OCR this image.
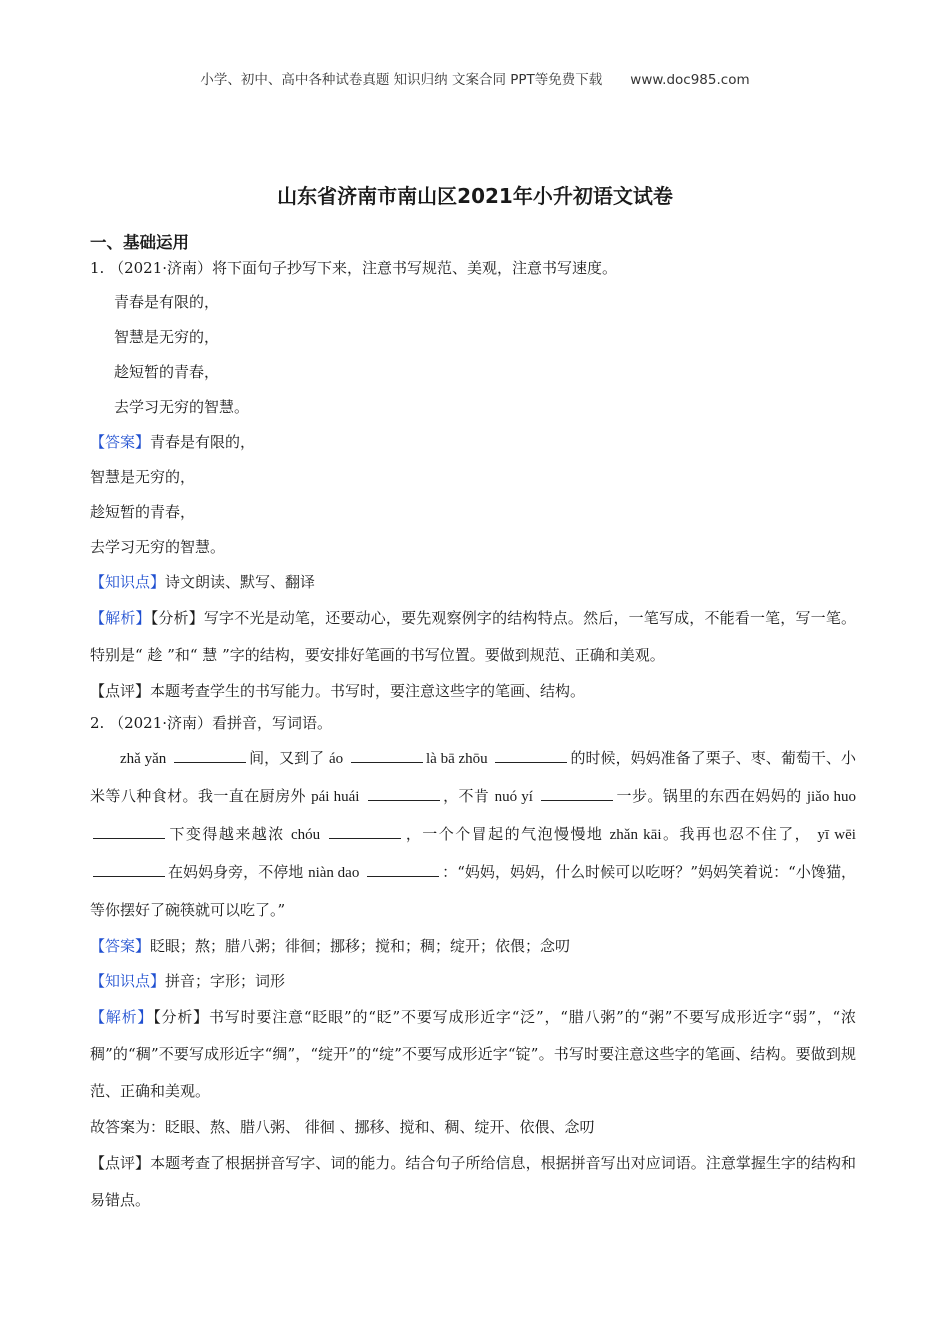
小学、初中、高中各种试卷真题 知识归纳 文案合同 PPT等免费下载 www.doc985.com
山东省济南市南山区2021年小升初语文试卷
一、基础运用
1. （2021·济南）将下面句子抄写下来，注意书写规范、美观，注意书写速度。
青春是有限的，
智慧是无穷的，
趁短暂的青春，
去学习无穷的智慧。
【答案】青春是有限的，
智慧是无穷的，
趁短暂的青春，
去学习无穷的智慧。
【知识点】诗文朗读、默写、翻译
【解析】【分析】写字不光是动笔，还要动心，要先观察例字的结构特点。然后，一笔写成，不能看一笔，写一笔。特别是“ 趁 ”和“ 慧 ”字的结构，要安排好笔画的书写位置。要做到规范、正确和美观。
【点评】本题考查学生的书写能力。书写时，要注意这些字的笔画、结构。
2. （2021·济南）看拼音，写词语。
zhǎ yǎn	间，又到了 áo	là bā zhōu	的时候，妈妈准备了栗子、枣、葡萄干、小米等八种食材。我一直在厨房外 pái huái	，不肯 nuó yí	一步。锅里的东西在妈妈的 jiǎo huo 下变得越来越浓 chóu	，一个个冒起的气泡慢慢地 zhǎn kāi。我再也忍不住了， yī wēi 在妈妈身旁，不停地 niàn dao	：“妈妈，妈妈，什么时候可以吃呀？”妈妈笑着说：“小馋猫，等你摆好了碗筷就可以吃了。”
【答案】眨眼；熬；腊八粥；徘徊；挪移；搅和；稠；绽开；依偎；念叨
【知识点】拼音；字形；词形
【解析】【分析】书写时要注意“眨眼”的“眨”不要写成形近字“泛”，“腊八粥”的“粥”不要写成形近字“弱”，“浓稠”的“稠”不要写成形近字“绸”，“绽开”的“绽”不要写成形近字“锭”。书写时要注意这些字的笔画、结构。要做到规范、正确和美观。
故答案为：眨眼、熬、腊八粥、 徘徊 、挪移、搅和、稠、绽开、依偎、念叨
【点评】本题考查了根据拼音写字、词的能力。结合句子所给信息，根据拼音写出对应词语。注意掌握生字的结构和易错点。
